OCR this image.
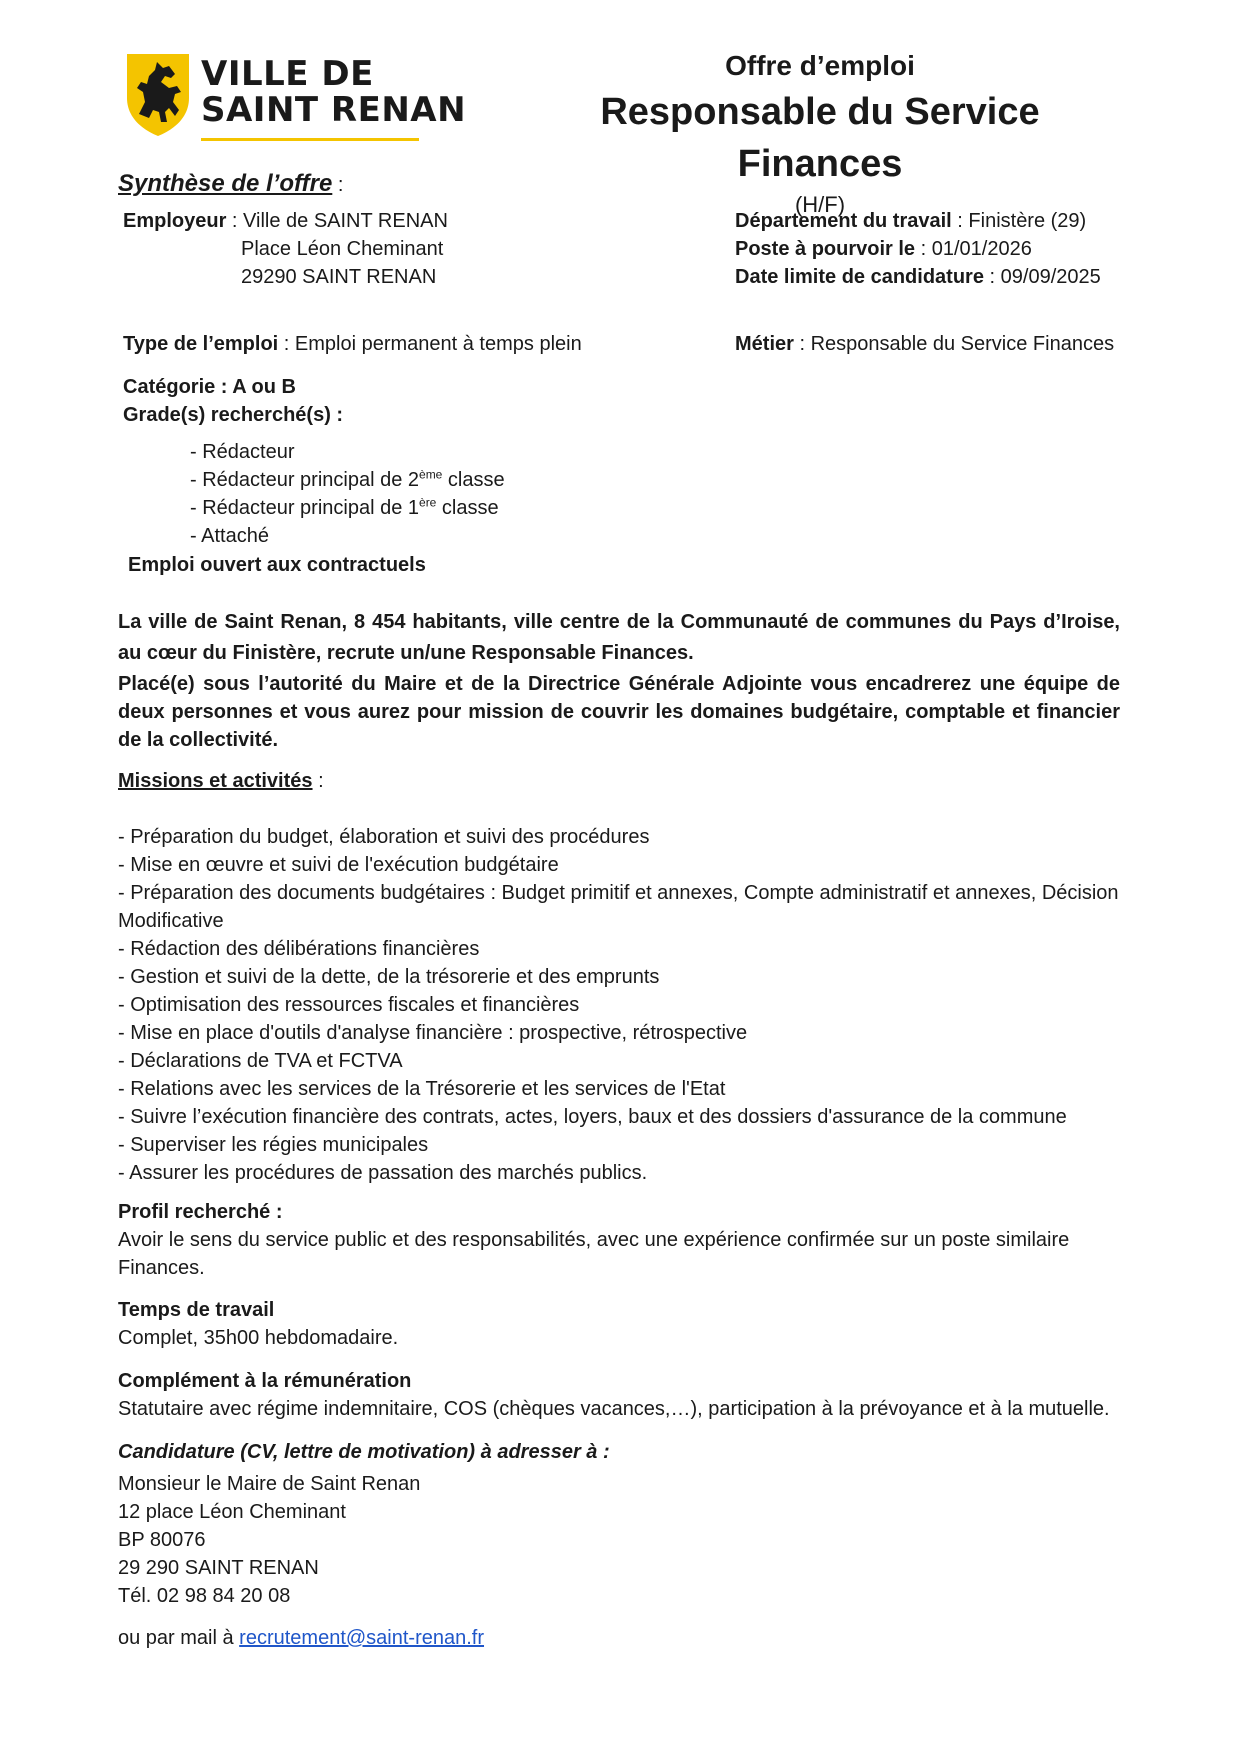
VILLE DE
SAINT RENAN
Offre d’emploi
Responsable du Service Finances
(H/F)
Synthèse de l’offre :
Employeur : Ville de SAINT RENAN
Place Léon Cheminant
29290 SAINT RENAN
Département du travail : Finistère (29)
Poste à pourvoir le : 01/01/2026
Date limite de candidature : 09/09/2025
Type de l’emploi : Emploi permanent à temps plein	Métier : Responsable du Service Finances
Catégorie : A ou B
Grade(s) recherché(s) :
- Rédacteur
- Rédacteur principal de 2ème classe
- Rédacteur principal de 1ère classe
- Attaché
Emploi ouvert aux contractuels
La ville de Saint Renan, 8 454 habitants, ville centre de la Communauté de communes du Pays d’Iroise, au cœur du Finistère, recrute un/une Responsable Finances.
Placé(e) sous l’autorité du Maire et de la Directrice Générale Adjointe vous encadrerez une équipe de deux personnes et vous aurez pour mission de couvrir les domaines budgétaire, comptable et financier de la collectivité.
Missions et activités :
- Préparation du budget, élaboration et suivi des procédures
- Mise en œuvre et suivi de l'exécution budgétaire
- Préparation des documents budgétaires : Budget primitif et annexes, Compte administratif et annexes, Décision Modificative
- Rédaction des délibérations financières
- Gestion et suivi de la dette, de la trésorerie et des emprunts
- Optimisation des ressources fiscales et financières
- Mise en place d'outils d'analyse financière : prospective, rétrospective
- Déclarations de TVA et FCTVA
- Relations avec les services de la Trésorerie et les services de l'Etat
- Suivre l’exécution financière des contrats, actes, loyers, baux et des dossiers d'assurance de la commune
- Superviser les régies municipales
- Assurer les procédures de passation des marchés publics.
Profil recherché :
Avoir le sens du service public et des responsabilités, avec une expérience confirmée sur un poste similaire Finances.
Temps de travail
Complet, 35h00 hebdomadaire.
Complément à la rémunération
Statutaire avec régime indemnitaire, COS (chèques vacances,…), participation à la prévoyance et à la mutuelle.
Candidature (CV, lettre de motivation) à adresser à :
Monsieur le Maire de Saint Renan
12 place Léon Cheminant
BP 80076
29 290 SAINT RENAN
Tél. 02 98 84 20 08
ou par mail à recrutement@saint-renan.fr
